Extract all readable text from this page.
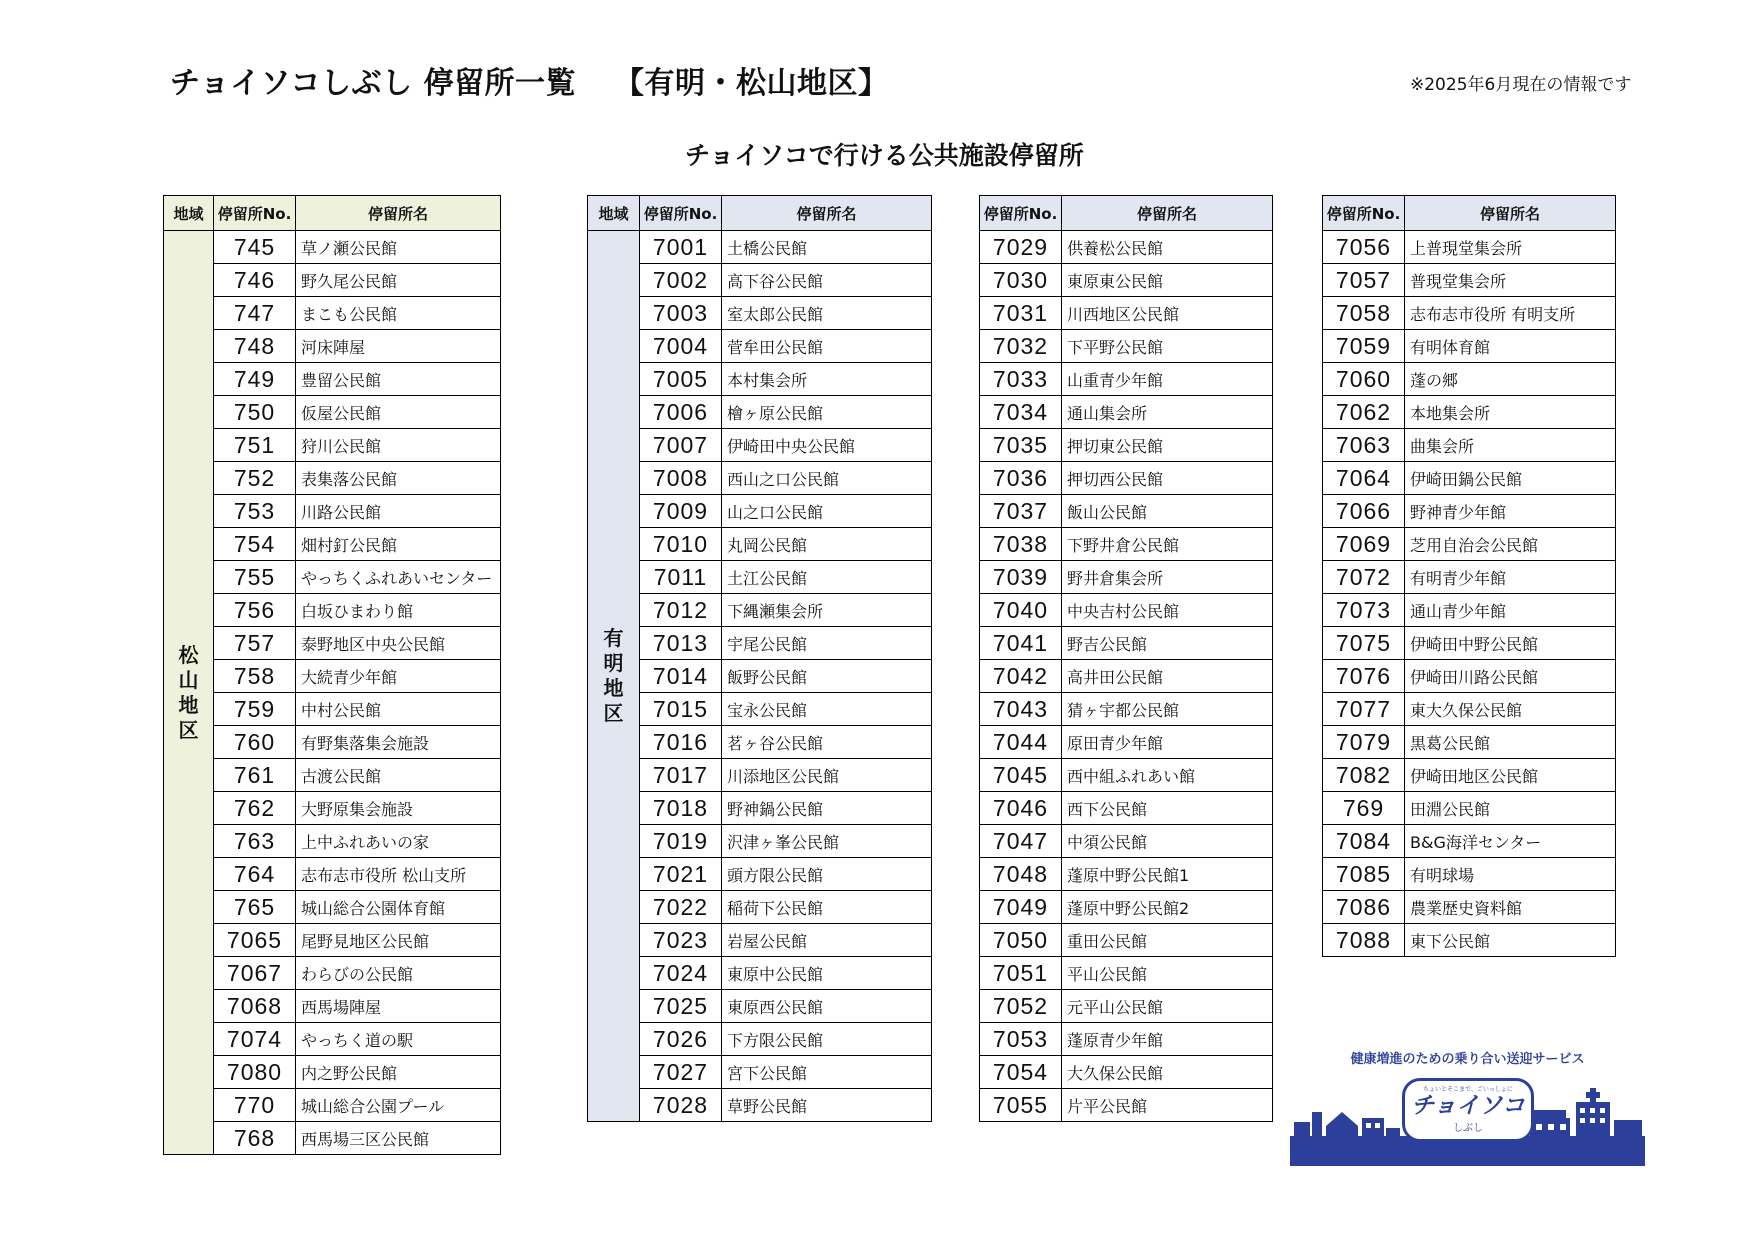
チョイソコしぶし 停留所一覧 【有明・松山地区】	※2025年6月現在の情報です
チョイソコで行ける公共施設停留所
地域	停留所No.	停留所名
松山地区	745	草ノ瀬公民館
	746	野久尾公民館
	747	まこも公民館
	748	河床陣屋
	749	豊留公民館
	750	仮屋公民館
	751	狩川公民館
	752	表集落公民館
	753	川路公民館
	754	畑村釘公民館
	755	やっちくふれあいセンター
	756	白坂ひまわり館
	757	泰野地区中央公民館
	758	大続青少年館
	759	中村公民館
	760	有野集落集会施設
	761	古渡公民館
	762	大野原集会施設
	763	上中ふれあいの家
	764	志布志市役所 松山支所
	765	城山総合公園体育館
	7065	尾野見地区公民館
	7067	わらびの公民館
	7068	西馬場陣屋
	7074	やっちく道の駅
	7080	内之野公民館
	770	城山総合公園プール
	768	西馬場三区公民館
地域	停留所No.	停留所名
有明地区	7001	土橋公民館
	7002	高下谷公民館
	7003	室太郎公民館
	7004	菅牟田公民館
	7005	本村集会所
	7006	檜ヶ原公民館
	7007	伊崎田中央公民館
	7008	西山之口公民館
	7009	山之口公民館
	7010	丸岡公民館
	7011	土江公民館
	7012	下縄瀬集会所
	7013	宇尾公民館
	7014	飯野公民館
	7015	宝永公民館
	7016	茗ヶ谷公民館
	7017	川添地区公民館
	7018	野神鍋公民館
	7019	沢津ヶ峯公民館
	7021	頭方限公民館
	7022	稲荷下公民館
	7023	岩屋公民館
	7024	東原中公民館
	7025	東原西公民館
	7026	下方限公民館
	7027	宮下公民館
	7028	草野公民館
停留所No.	停留所名
7029	供養松公民館
7030	東原東公民館
7031	川西地区公民館
7032	下平野公民館
7033	山重青少年館
7034	通山集会所
7035	押切東公民館
7036	押切西公民館
7037	飯山公民館
7038	下野井倉公民館
7039	野井倉集会所
7040	中央吉村公民館
7041	野吉公民館
7042	高井田公民館
7043	猜ヶ宇都公民館
7044	原田青少年館
7045	西中組ふれあい館
7046	西下公民館
7047	中須公民館
7048	蓬原中野公民館1
7049	蓬原中野公民館2
7050	重田公民館
7051	平山公民館
7052	元平山公民館
7053	蓬原青少年館
7054	大久保公民館
7055	片平公民館
停留所No.	停留所名
7056	上普現堂集会所
7057	普現堂集会所
7058	志布志市役所 有明支所
7059	有明体育館
7060	蓬の郷
7062	本地集会所
7063	曲集会所
7064	伊崎田鍋公民館
7066	野神青少年館
7069	芝用自治会公民館
7072	有明青少年館
7073	通山青少年館
7075	伊崎田中野公民館
7076	伊崎田川路公民館
7077	東大久保公民館
7079	黒葛公民館
7082	伊崎田地区公民館
769	田淵公民館
7084	B&G海洋センター
7085	有明球場
7086	農業歴史資料館
7088	東下公民館
健康増進のための乗り合い送迎サービス
ちょいとそこまで、ごいっしょに
チョイソコ
しぶし
